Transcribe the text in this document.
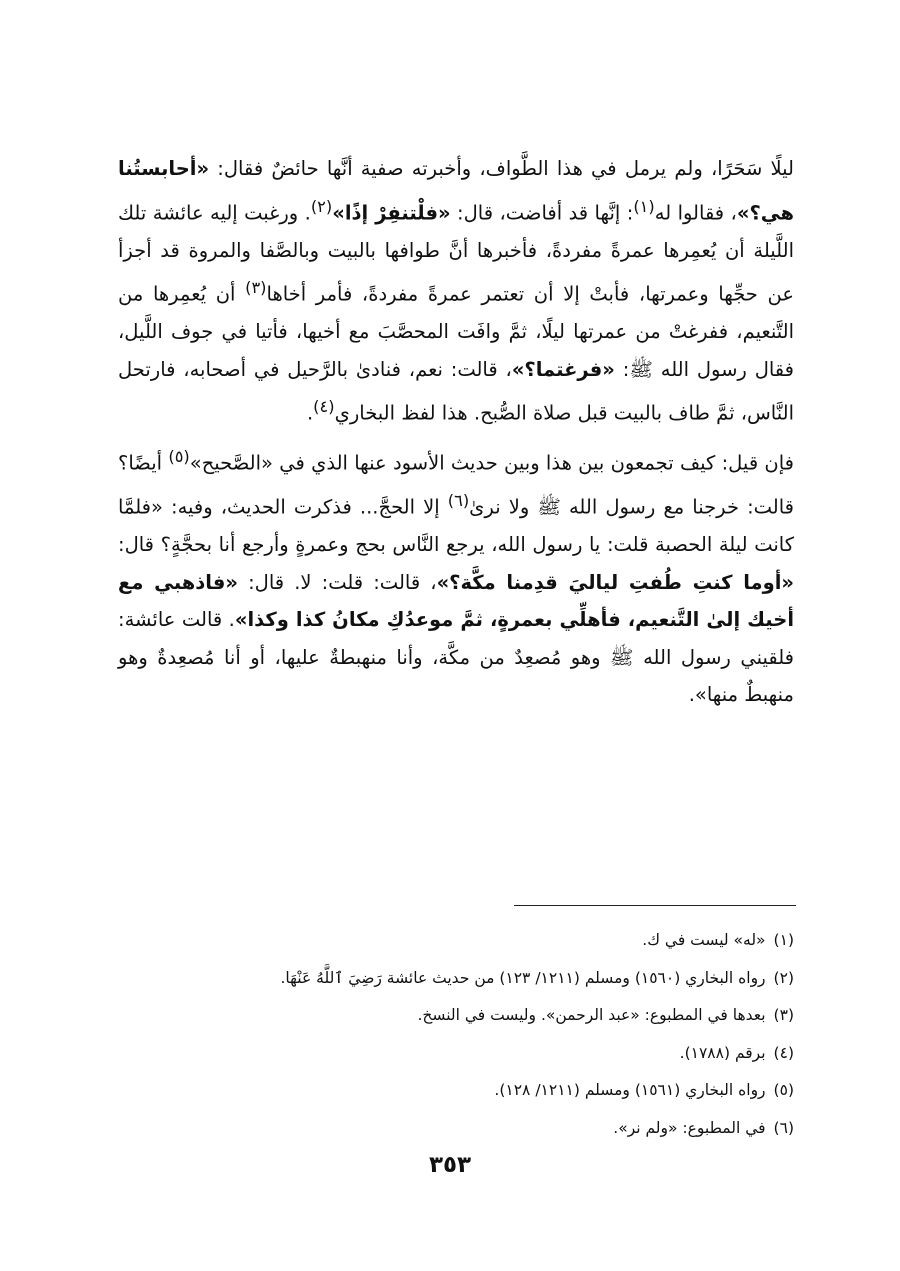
ليلًا سَحَرًا، ولم يرمل في هذا الطَّواف، وأخبرته صفية أنَّها حائضٌ فقال: «أحابستُنا هي؟»، فقالوا له$^{(١)}$: إنَّها قد أفاضت، قال: «فلْتنفِرْ إذًا»$^{(٢)}$. ورغبت إليه عائشة تلك اللَّيلة أن يُعمِرها عمرةً مفردةً، فأخبرها أنَّ طوافها بالبيت وبالصَّفا والمروة قد أجزأ عن حجِّها وعمرتها، فأبتْ إلا أن تعتمر عمرةً مفردةً، فأمر أخاها$^{(٣)}$ أن يُعمِرها من التَّنعيم، ففرغتْ من عمرتها ليلًا، ثمَّ وافَت المحصَّبَ مع أخيها، فأتيا في جوف اللَّيل، فقال رسول الله ﷺ: «فرغتما؟»، قالت: نعم، فنادىٰ بالرَّحيل في أصحابه، فارتحل النَّاس، ثمَّ طاف بالبيت قبل صلاة الصُّبح. هذا لفظ البخاري$^{(٤)}$.

فإن قيل: كيف تجمعون بين هذا وبين حديث الأسود عنها الذي في «الصَّحيح»$^{(٥)}$ أيضًا؟ قالت: خرجنا مع رسول الله ﷺ ولا نرىٰ$^{(٦)}$ إلا الحجَّ... فذكرت الحديث، وفيه: «فلمَّا كانت ليلة الحصبة قلت: يا رسول الله، يرجع النَّاس بحج وعمرةٍ وأرجع أنا بحجَّةٍ؟ قال: «أوما كنتِ طُفتِ لياليَ قدِمنا مكَّة؟»، قالت: قلت: لا. قال: «فاذهبي مع أخيك إلىٰ التَّنعيم، فأهلِّي بعمرةٍ، ثمَّ موعدُكِ مكانُ كذا وكذا». قالت عائشة: فلقيني رسول الله ﷺ وهو مُصعِدٌ من مكَّة، وأنا منهبطةٌ عليها، أو أنا مُصعِدةٌ وهو منهبطٌ منها».

(١)«له» ليست في ك.
(٢)رواه البخاري (١٥٦٠) ومسلم (١٢١١/ ١٢٣) من حديث عائشة رَضِيَ ٱللَّهُ عَنْهَا.
(٣)بعدها في المطبوع: «عبد الرحمن». وليست في النسخ.
(٤)برقم (١٧٨٨).
(٥)رواه البخاري (١٥٦١) ومسلم (١٢١١/ ١٢٨).
(٦)في المطبوع: «ولم نر».
٣٥٣
